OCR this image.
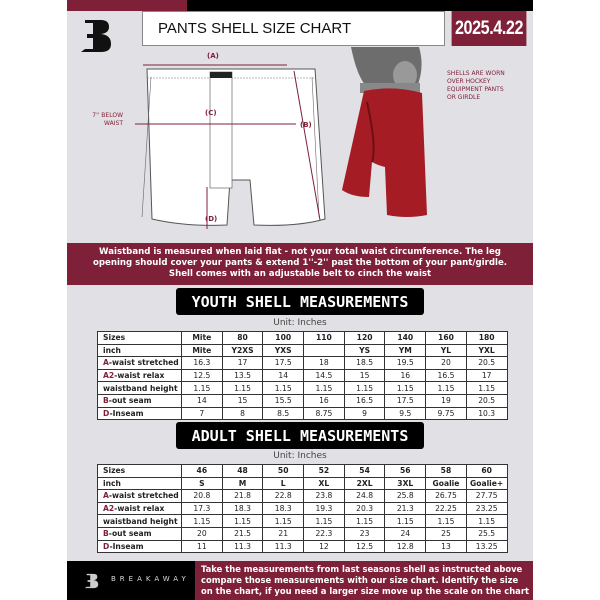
PANTS SHELL SIZE CHART	2025.4.22
(A)
(C)
(B)
(D)
7'' BELOW WAIST
SHELLS ARE WORN OVER HOCKEY EQUIPMENT PANTS OR GIRDLE
Waistband is measured when laid flat - not your total waist circumference. The leg
opening should cover your pants & extend 1''-2'' past the bottom of your pant/girdle.
Shell comes with an adjustable belt to cinch the waist
YOUTH SHELL MEASUREMENTS
Unit: Inches
Sizes	Mite	80	100	110	120	140	160	180
inch	Mite	Y2XS	YXS		YS	YM	YL	YXL
A-waist stretched	16.3	17	17.5	18	18.5	19.5	20	20.5
A2-waist relax	12.5	13.5	14	14.5	15	16	16.5	17
waistband height	1.15	1.15	1.15	1.15	1.15	1.15	1.15	1.15
B-out seam	14	15	15.5	16	16.5	17.5	19	20.5
D-Inseam	7	8	8.5	8.75	9	9.5	9.75	10.3
ADULT SHELL MEASUREMENTS
Unit: Inches
Sizes	46	48	50	52	54	56	58	60
inch	S	M	L	XL	2XL	3XL	Goalie	Goalie+
A-waist stretched	20.8	21.8	22.8	23.8	24.8	25.8	26.75	27.75
A2-waist relax	17.3	18.3	18.3	19.3	20.3	21.3	22.25	23.25
waistband height	1.15	1.15	1.15	1.15	1.15	1.15	1.15	1.15
B-out seam	20	21.5	21	22.3	23	24	25	25.5
D-Inseam	11	11.3	11.3	12	12.5	12.8	13	13.25
BREAKAWAY
Take the measurements from last seasons shell as instructed above
compare those measurements with our size chart. Identify the size
on the chart, if you need a larger size move up the scale on the chart
